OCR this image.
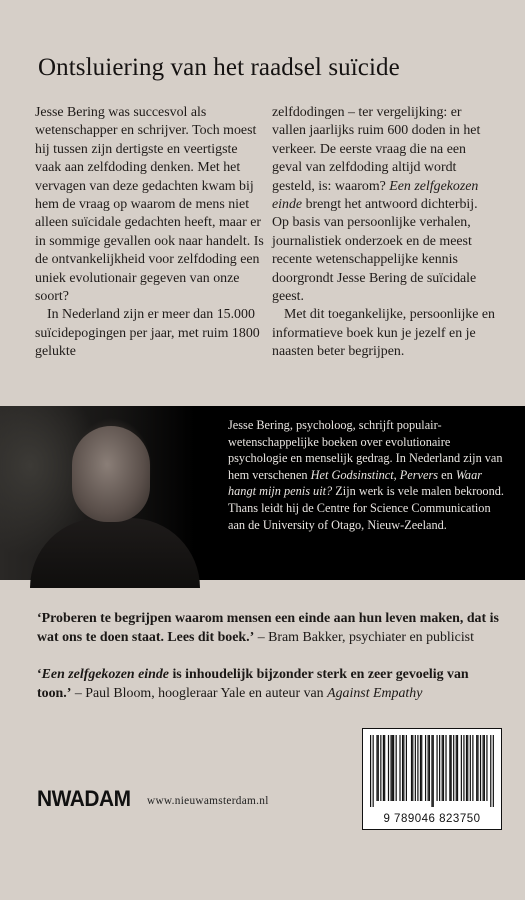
Ontsluiering van het raadsel suïcide

Jesse Bering was succesvol als wetenschapper en schrijver. Toch moest hij tussen zijn dertigste en veertigste vaak aan zelfdoding denken. Met het vervagen van deze gedachten kwam bij hem de vraag op waarom de mens niet alleen suïcidale gedachten heeft, maar er in sommige gevallen ook naar handelt. Is de ontvankelijkheid voor zelfdoding een uniek evolutionair gegeven van onze soort?

In Nederland zijn er meer dan 15.000 suïcidepogingen per jaar, met ruim 1800 gelukte

zelfdodingen – ter vergelijking: er vallen jaarlijks ruim 600 doden in het verkeer. De eerste vraag die na een geval van zelfdoding altijd wordt gesteld, is: waarom? Een zelfgekozen einde brengt het antwoord dichterbij. Op basis van persoonlijke verhalen, journalistiek onderzoek en de meest recente wetenschappelijke kennis doorgrondt Jesse Bering de suïcidale geest.

Met dit toegankelijke, persoonlijke en informatieve boek kun je jezelf en je naasten beter begrijpen.

Jesse Bering, psycholoog, schrijft populair-wetenschappelijke boeken over evolutionaire psychologie en menselijk gedrag. In Nederland zijn van hem verschenen Het Godsinstinct, Pervers en Waar hangt mijn penis uit? Zijn werk is vele malen bekroond. Thans leidt hij de Centre for Science Communication aan de University of Otago, Nieuw-Zeeland.
‘Proberen te begrijpen waarom mensen een einde aan hun leven maken, dat is wat ons te doen staat. Lees dit boek.’ – Bram Bakker, psychiater en publicist
‘Een zelfgekozen einde is inhoudelijk bijzonder sterk en zeer gevoelig van toon.’ – Paul Bloom, hoogleraar Yale en auteur van Against Empathy
NWADAM www.nieuwamsterdam.nl
9 789046 823750
